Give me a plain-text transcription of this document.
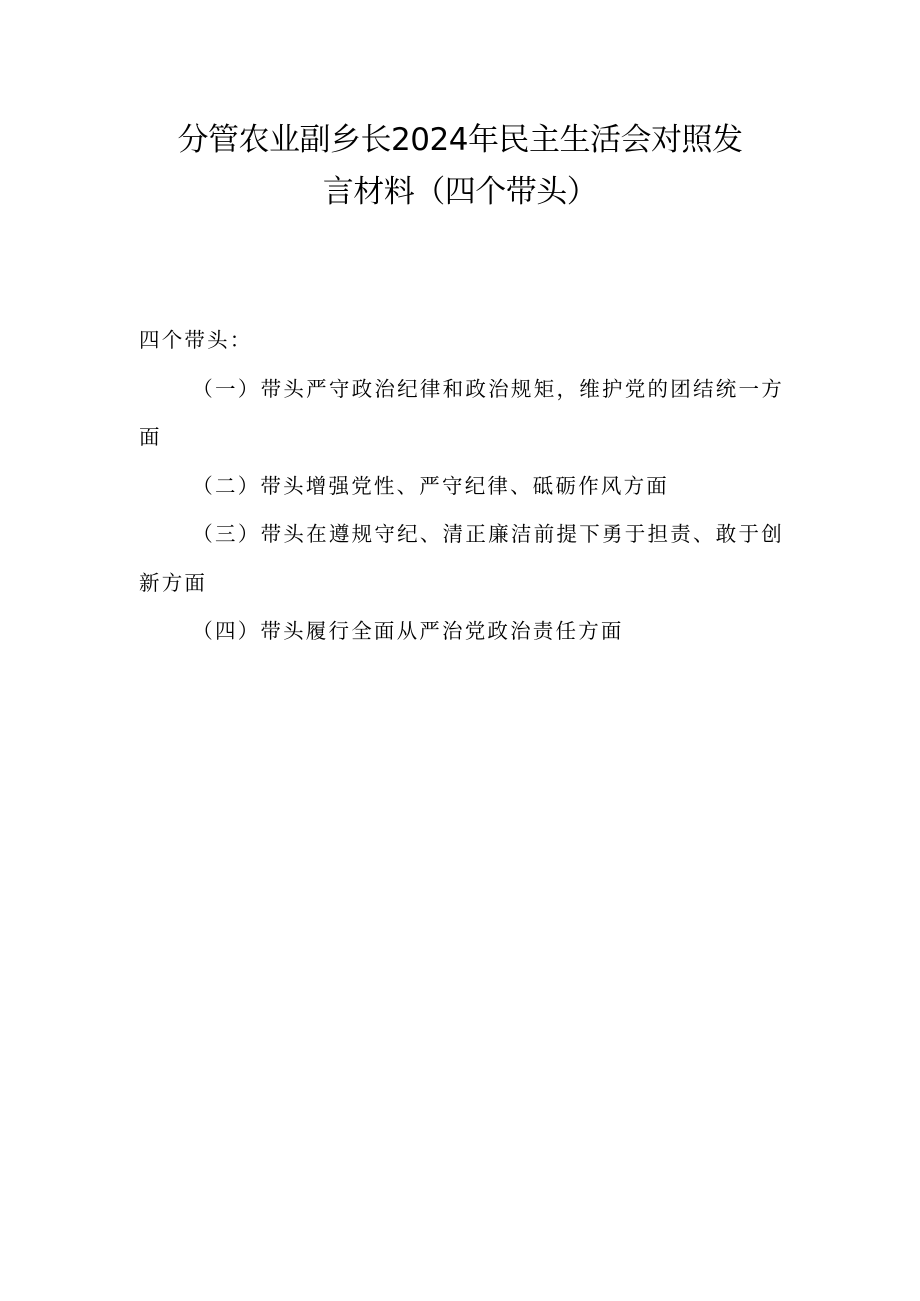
分管农业副乡长2024年民主生活会对照发
言材料（四个带头）

四个带头：

（一）带头严守政治纪律和政治规矩，维护党的团结统一方面

（二）带头增强党性、严守纪律、砥砺作风方面

（三）带头在遵规守纪、清正廉洁前提下勇于担责、敢于创新方面

（四）带头履行全面从严治党政治责任方面
